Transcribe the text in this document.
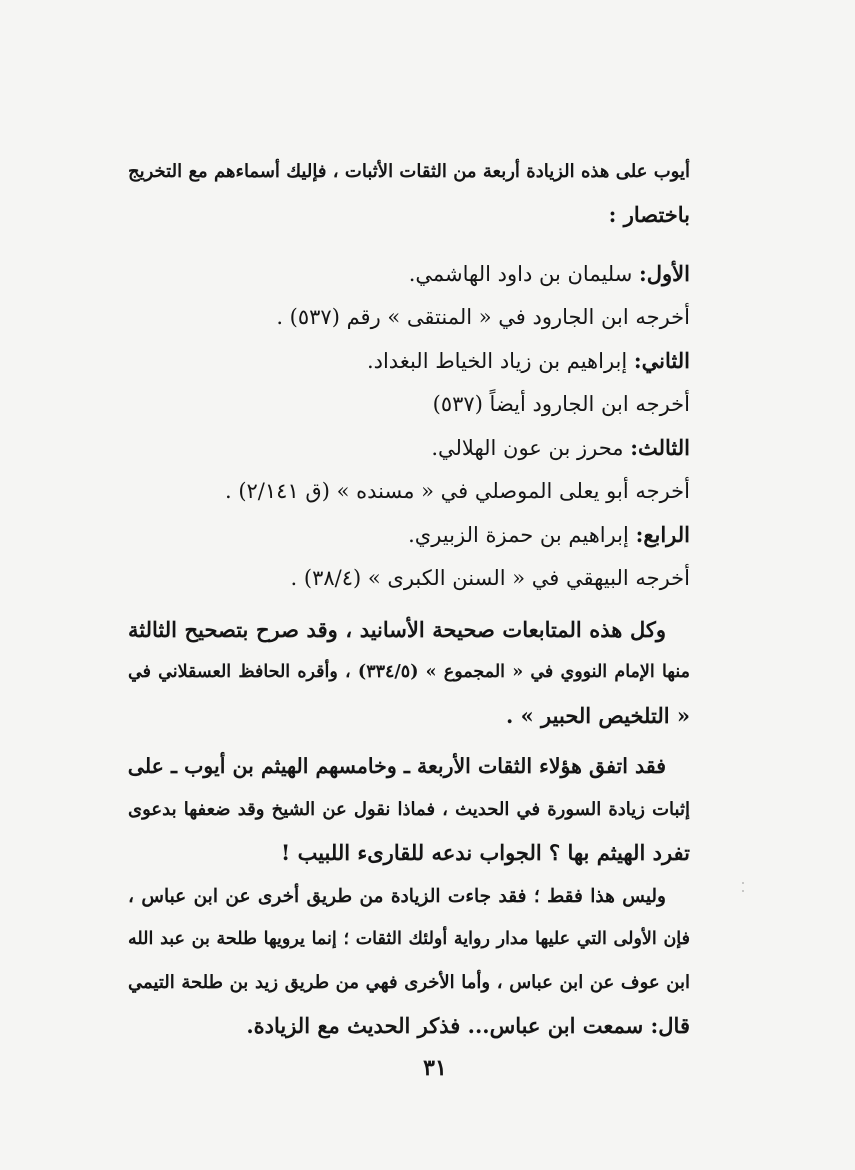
أيوب على هذه الزيادة أربعة من الثقات الأثبات ، فإليك أسماءهم مع التخريج
باختصار :
الأول: سليمان بن داود الهاشمي.
أخرجه ابن الجارود في « المنتقى » رقم (٥٣٧) .
الثاني: إبراهيم بن زياد الخياط البغداد.
أخرجه ابن الجارود أيضاً (٥٣٧)
الثالث: محرز بن عون الهلالي.
أخرجه أبو يعلى الموصلي في « مسنده » (ق ٢/١٤١) .
الرابع: إبراهيم بن حمزة الزبيري.
أخرجه البيهقي في « السنن الكبرى » (٣٨/٤) .
وكل هذه المتابعات صحيحة الأسانيد ، وقد صرح بتصحيح الثالثة
منها الإمام النووي في « المجموع » (٣٣٤/٥) ، وأقره الحافظ العسقلاني في
« التلخيص الحبير » .
فقد اتفق هؤلاء الثقات الأربعة ـ وخامسهم الهيثم بن أيوب ـ على
إثبات زيادة السورة في الحديث ، فماذا نقول عن الشيخ وقد ضعفها بدعوى
تفرد الهيثم بها ؟ الجواب ندعه للقارىء اللبيب !
وليس هذا فقط ؛ فقد جاءت الزيادة من طريق أخرى عن ابن عباس ،
فإن الأولى التي عليها مدار رواية أولئك الثقات ؛ إنما يرويها طلحة بن عبد الله
ابن عوف عن ابن عباس ، وأما الأخرى فهي من طريق زيد بن طلحة التيمي
قال: سمعت ابن عباس... فذكر الحديث مع الزيادة.
٣١
